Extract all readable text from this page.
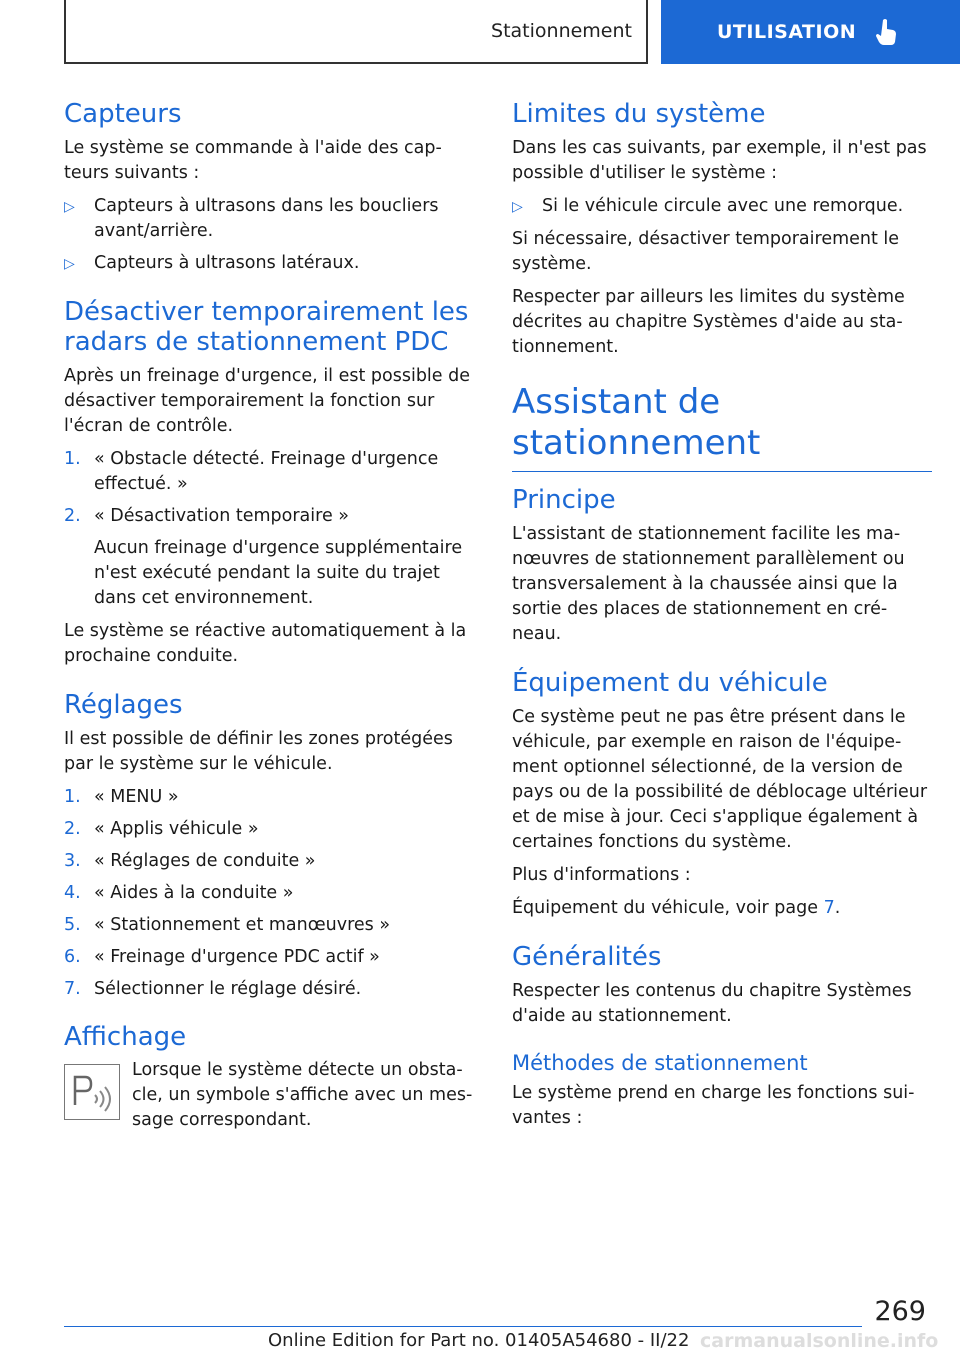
Stationnement	UTILISATION
Capteurs

Le système se commande à l'aide des cap-teurs suivants :

▷	Capteurs à ultrasons dans les boucliers avant/arrière.
▷	Capteurs à ultrasons latéraux.
Désactiver temporairement les radars de stationnement PDC

Après un freinage d'urgence, il est possible de désactiver temporairement la fonction sur l'écran de contrôle.

1. « Obstacle détecté. Freinage d'urgence effectué. »
2. « Désactivation temporaire »

Aucun freinage d'urgence supplémentaire n'est exécuté pendant la suite du trajet dans cet environnement.

Le système se réactive automatiquement à la prochaine conduite.

Réglages

Il est possible de définir les zones protégées par le système sur le véhicule.

1. « MENU »
2. « Applis véhicule »
3. « Réglages de conduite »
4. « Aides à la conduite »
5. « Stationnement et manœuvres »
6. « Freinage d'urgence PDC actif »
7. Sélectionner le réglage désiré.
Affichage

Lorsque le système détecte un obsta-cle, un symbole s'affiche avec un mes-sage correspondant.

Limites du système

Dans les cas suivants, par exemple, il n'est pas possible d'utiliser le système :

▷	Si le véhicule circule avec une remorque.

Si nécessaire, désactiver temporairement le système.

Respecter par ailleurs les limites du système décrites au chapitre Systèmes d'aide au sta-tionnement.

Assistant de stationnement
Principe

L'assistant de stationnement facilite les ma-nœuvres de stationnement parallèlement ou transversalement à la chaussée ainsi que la sortie des places de stationnement en cré-neau.

Équipement du véhicule

Ce système peut ne pas être présent dans le véhicule, par exemple en raison de l'équipe-ment optionnel sélectionné, de la version de pays ou de la possibilité de déblocage ultérieur et de mise à jour. Ceci s'applique également à certaines fonctions du système.

Plus d'informations :

Équipement du véhicule, voir page 7.

Généralités

Respecter les contenus du chapitre Systèmes d'aide au stationnement.

Méthodes de stationnement

Le système prend en charge les fonctions sui-vantes :

269
Online Edition for Part no. 01405A54680 - II/22 carmanualsonline.info
